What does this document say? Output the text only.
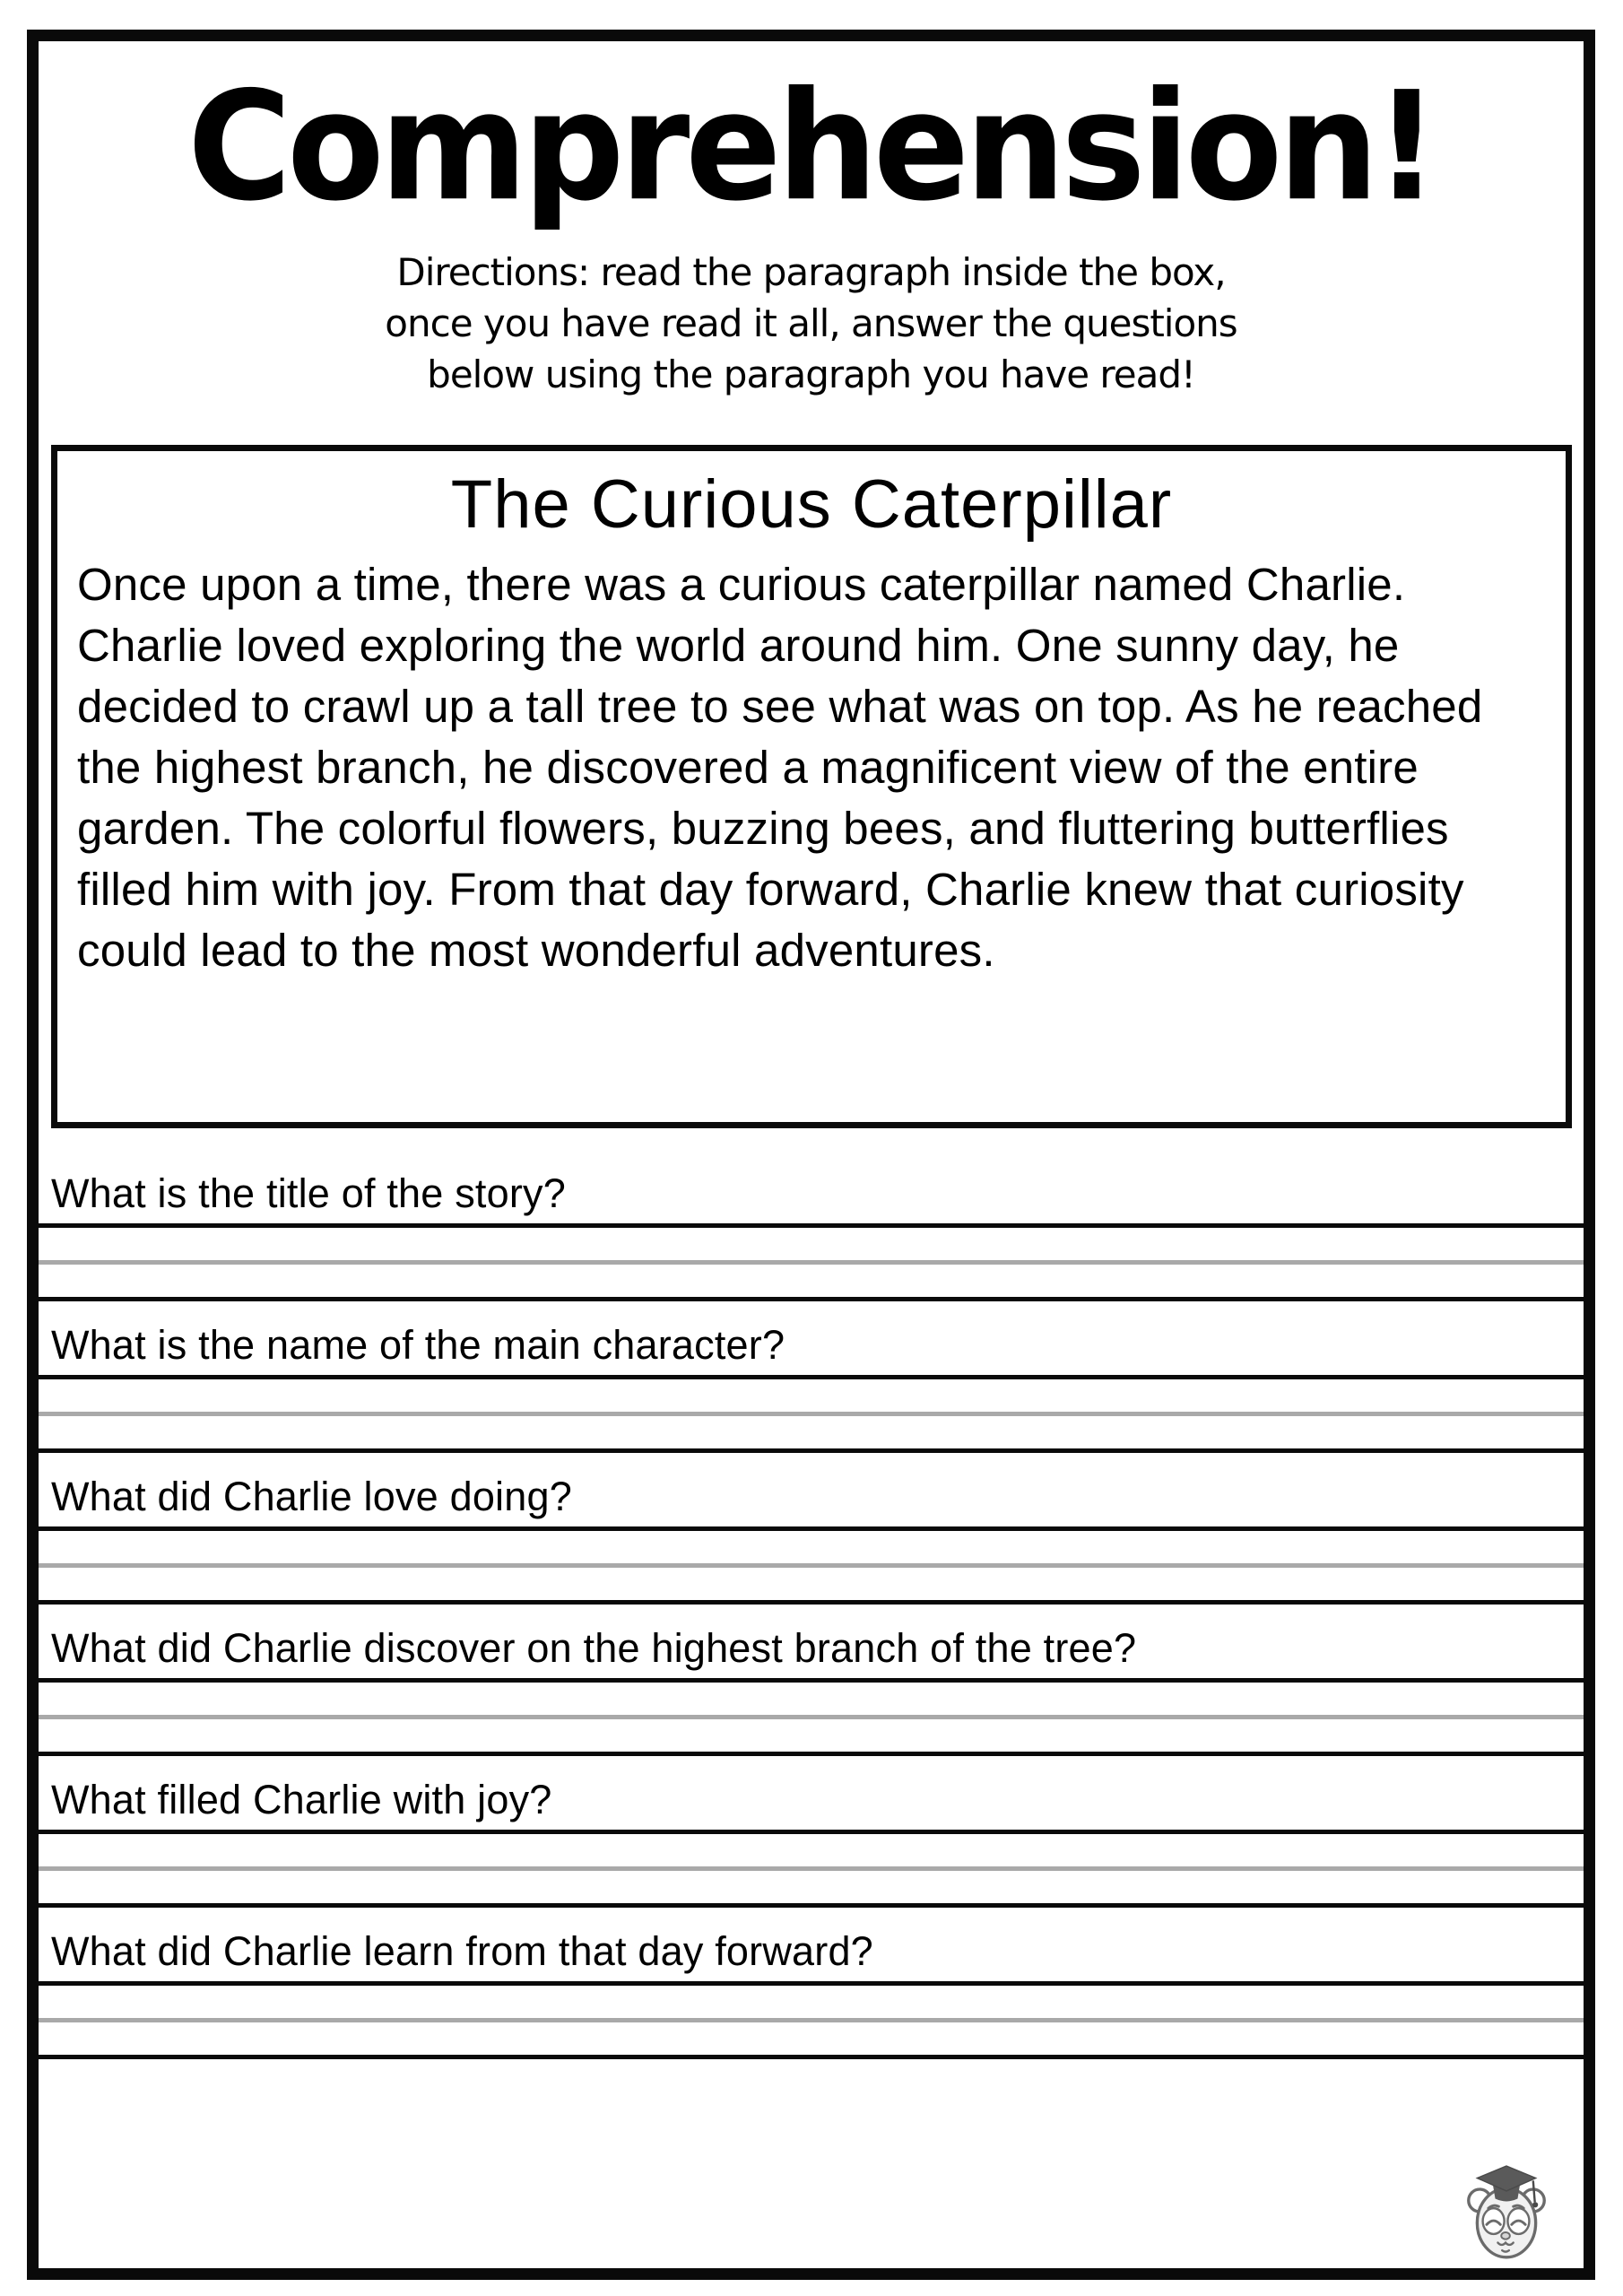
Comprehension!
Directions: read the paragraph inside the box,
once you have read it all, answer the questions
below using the paragraph you have read!
The Curious Caterpillar

Once upon a time, there was a curious caterpillar named Charlie. Charlie loved exploring the world around him. One sunny day, he decided to crawl up a tall tree to see what was on top. As he reached the highest branch, he discovered a magnificent view of the entire garden. The colorful flowers, buzzing bees, and fluttering butterflies filled him with joy. From that day forward, Charlie knew that curiosity could lead to the most wonderful adventures.

What is the title of the story?
What is the name of the main character?
What did Charlie love doing?
What did Charlie discover on the highest branch of the tree?
What filled Charlie with joy?
What did Charlie learn from that day forward?
